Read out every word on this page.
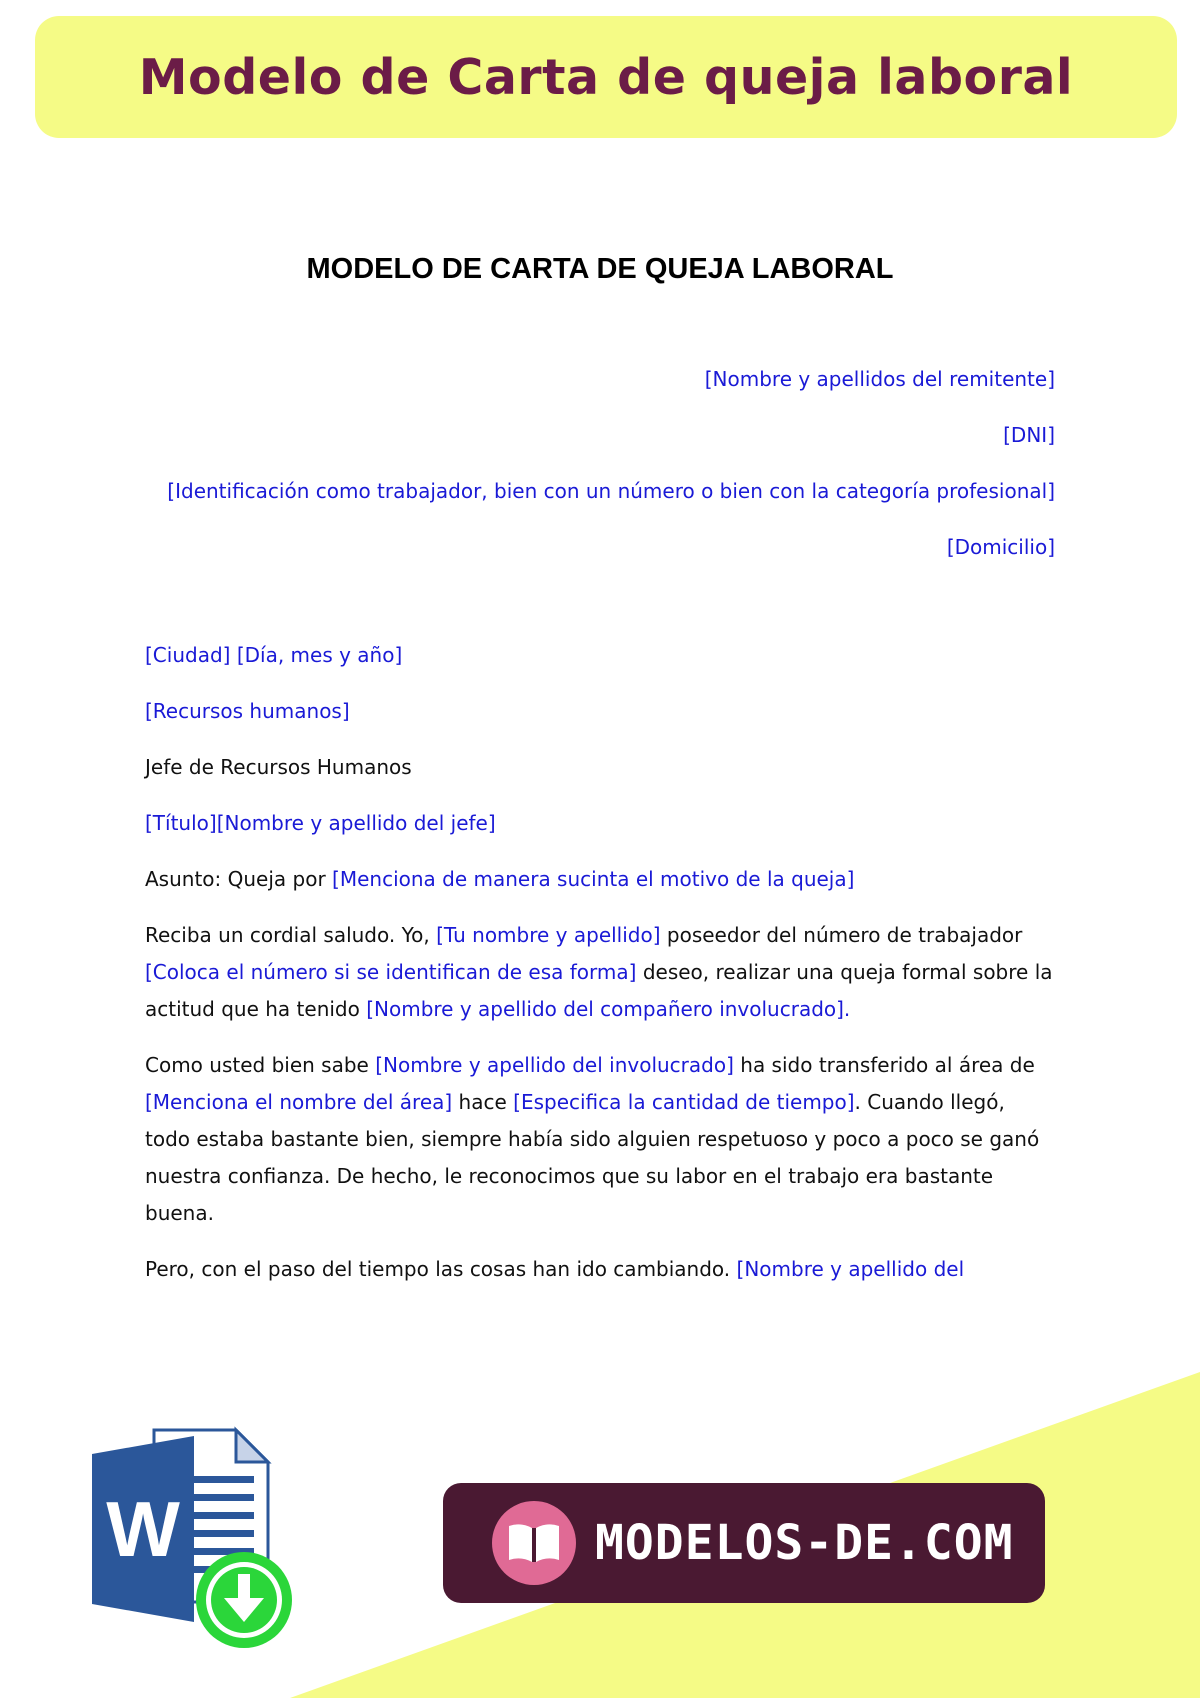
Modelo de Carta de queja laboral
MODELO DE CARTA DE QUEJA LABORAL

[Nombre y apellidos del remitente]

[DNI]

[Identificación como trabajador, bien con un número o bien con la categoría profesional]

[Domicilio]

[Ciudad] [Día, mes y año]

[Recursos humanos]

Jefe de Recursos Humanos

[Título][Nombre y apellido del jefe]

Asunto: Queja por [Menciona de manera sucinta el motivo de la queja]

Reciba un cordial saludo. Yo, [Tu nombre y apellido] poseedor del número de trabajador [Coloca el número si se identifican de esa forma] deseo, realizar una queja formal sobre la actitud que ha tenido [Nombre y apellido del compañero involucrado].

Como usted bien sabe [Nombre y apellido del involucrado] ha sido transferido al área de [Menciona el nombre del área] hace [Especifica la cantidad de tiempo]. Cuando llegó, todo estaba bastante bien, siempre había sido alguien respetuoso y poco a poco se ganó nuestra confianza. De hecho, le reconocimos que su labor en el trabajo era bastante buena.

Pero, con el paso del tiempo las cosas han ido cambiando. [Nombre y apellido del

W	MODELOS-DE.COM
